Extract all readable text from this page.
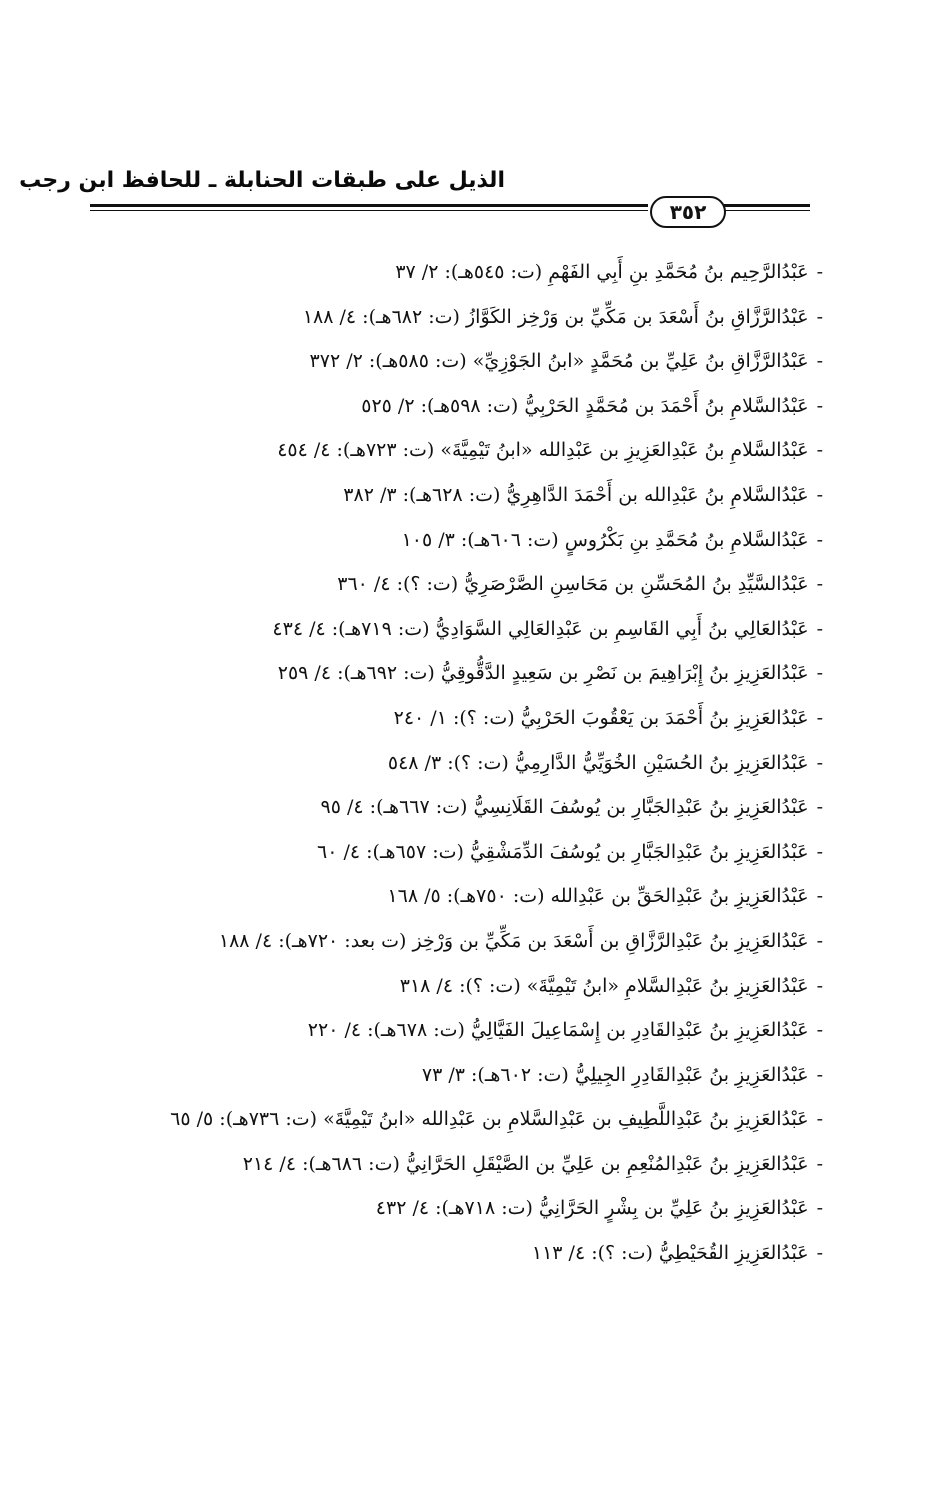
الذيل على طبقات الحنابلة ـ للحافظ ابن رجب
٣٥٢
-عَبْدُالرَّحِيم بنُ مُحَمَّدِ بنِ أَبِي الفَهْمِ (ت: ٥٤٥هـ): ٢/ ٣٧
-عَبْدُالرَّزَّاقِ بنُ أَسْعَدَ بن مَكِّيِّ بن وَرْخِز الكَوَّازُ (ت: ٦٨٢هـ): ٤/ ١٨٨
-عَبْدُالرَّزَّاقِ بنُ عَلِيِّ بن مُحَمَّدٍ «ابنُ الجَوْزِيِّ» (ت: ٥٨٥هـ): ٢/ ٣٧٢
-عَبْدُالسَّلامِ بنُ أَحْمَدَ بن مُحَمَّدٍ الحَرْبِيُّ (ت: ٥٩٨هـ): ٢/ ٥٢٥
-عَبْدُالسَّلامِ بنُ عَبْدِالعَزِيزِ بن عَبْدِالله «ابنُ تَيْمِيَّةَ» (ت: ٧٢٣هـ): ٤/ ٤٥٤
-عَبْدُالسَّلامِ بنُ عَبْدِالله بن أَحْمَدَ الدَّاهِرِيُّ (ت: ٦٢٨هـ): ٣/ ٣٨٢
-عَبْدُالسَّلامِ بنُ مُحَمَّدِ بنِ بَكْرُوسٍ (ت: ٦٠٦هـ): ٣/ ١٠٥
-عَبْدُالسَّيِّدِ بنُ المُحَسِّنِ بن مَحَاسِنِ الصَّرْصَرِيُّ (ت: ؟): ٤/ ٣٦٠
-عَبْدُالعَالِي بنُ أَبِي القَاسِمِ بن عَبْدِالعَالِي السَّوَادِيُّ (ت: ٧١٩هـ): ٤/ ٤٣٤
-عَبْدُالعَزِيزِ بنُ إِبْرَاهِيمَ بن نَصْرِ بن سَعِيدٍ الدَّقُّوقِيُّ (ت: ٦٩٢هـ): ٤/ ٢٥٩
-عَبْدُالعَزِيزِ بنُ أَحْمَدَ بن يَعْقُوبَ الحَرْبِيُّ (ت: ؟): ١/ ٢٤٠
-عَبْدُالعَزِيزِ بنُ الحُسَيْنِ الخُوَيِّيُّ الدَّارِمِيُّ (ت: ؟): ٣/ ٥٤٨
-عَبْدُالعَزِيزِ بنُ عَبْدِالجَبَّارِ بن يُوسُفَ القَلَانِسِيُّ (ت: ٦٦٧هـ): ٤/ ٩٥
-عَبْدُالعَزِيزِ بنُ عَبْدِالجَبَّارِ بن يُوسُفَ الدِّمَشْقِيُّ (ت: ٦٥٧هـ): ٤/ ٦٠
-عَبْدُالعَزِيزِ بنُ عَبْدِالحَقِّ بن عَبْدِالله (ت: ٧٥٠هـ): ٥/ ١٦٨
-عَبْدُالعَزِيزِ بنُ عَبْدِالرَّزَّاقِ بن أَسْعَدَ بن مَكِّيِّ بن وَرْخِز (ت بعد: ٧٢٠هـ): ٤/ ١٨٨
-عَبْدُالعَزِيزِ بنُ عَبْدِالسَّلامِ «ابنُ تَيْمِيَّةَ» (ت: ؟): ٤/ ٣١٨
-عَبْدُالعَزِيزِ بنُ عَبْدِالقَادِرِ بن إِسْمَاعِيلَ الفَيَّالِيُّ (ت: ٦٧٨هـ): ٤/ ٢٢٠
-عَبْدُالعَزِيزِ بنُ عَبْدِالقَادِرِ الجِيلِيُّ (ت: ٦٠٢هـ): ٣/ ٧٣
-عَبْدُالعَزِيزِ بنُ عَبْدِاللَّطِيفِ بن عَبْدِالسَّلامِ بن عَبْدِالله «ابنُ تَيْمِيَّةَ» (ت: ٧٣٦هـ): ٥/ ٦٥
-عَبْدُالعَزِيزِ بنُ عَبْدِالمُنْعِمِ بن عَلِيِّ بن الصَّيْقَلِ الحَرَّانِيُّ (ت: ٦٨٦هـ): ٤/ ٢١٤
-عَبْدُالعَزِيزِ بنُ عَلِيِّ بن بِشْرٍ الحَرَّانِيُّ (ت: ٧١٨هـ): ٤/ ٤٣٢
-عَبْدُالعَزِيزِ القُحَيْطِيُّ (ت: ؟): ٤/ ١١٣
